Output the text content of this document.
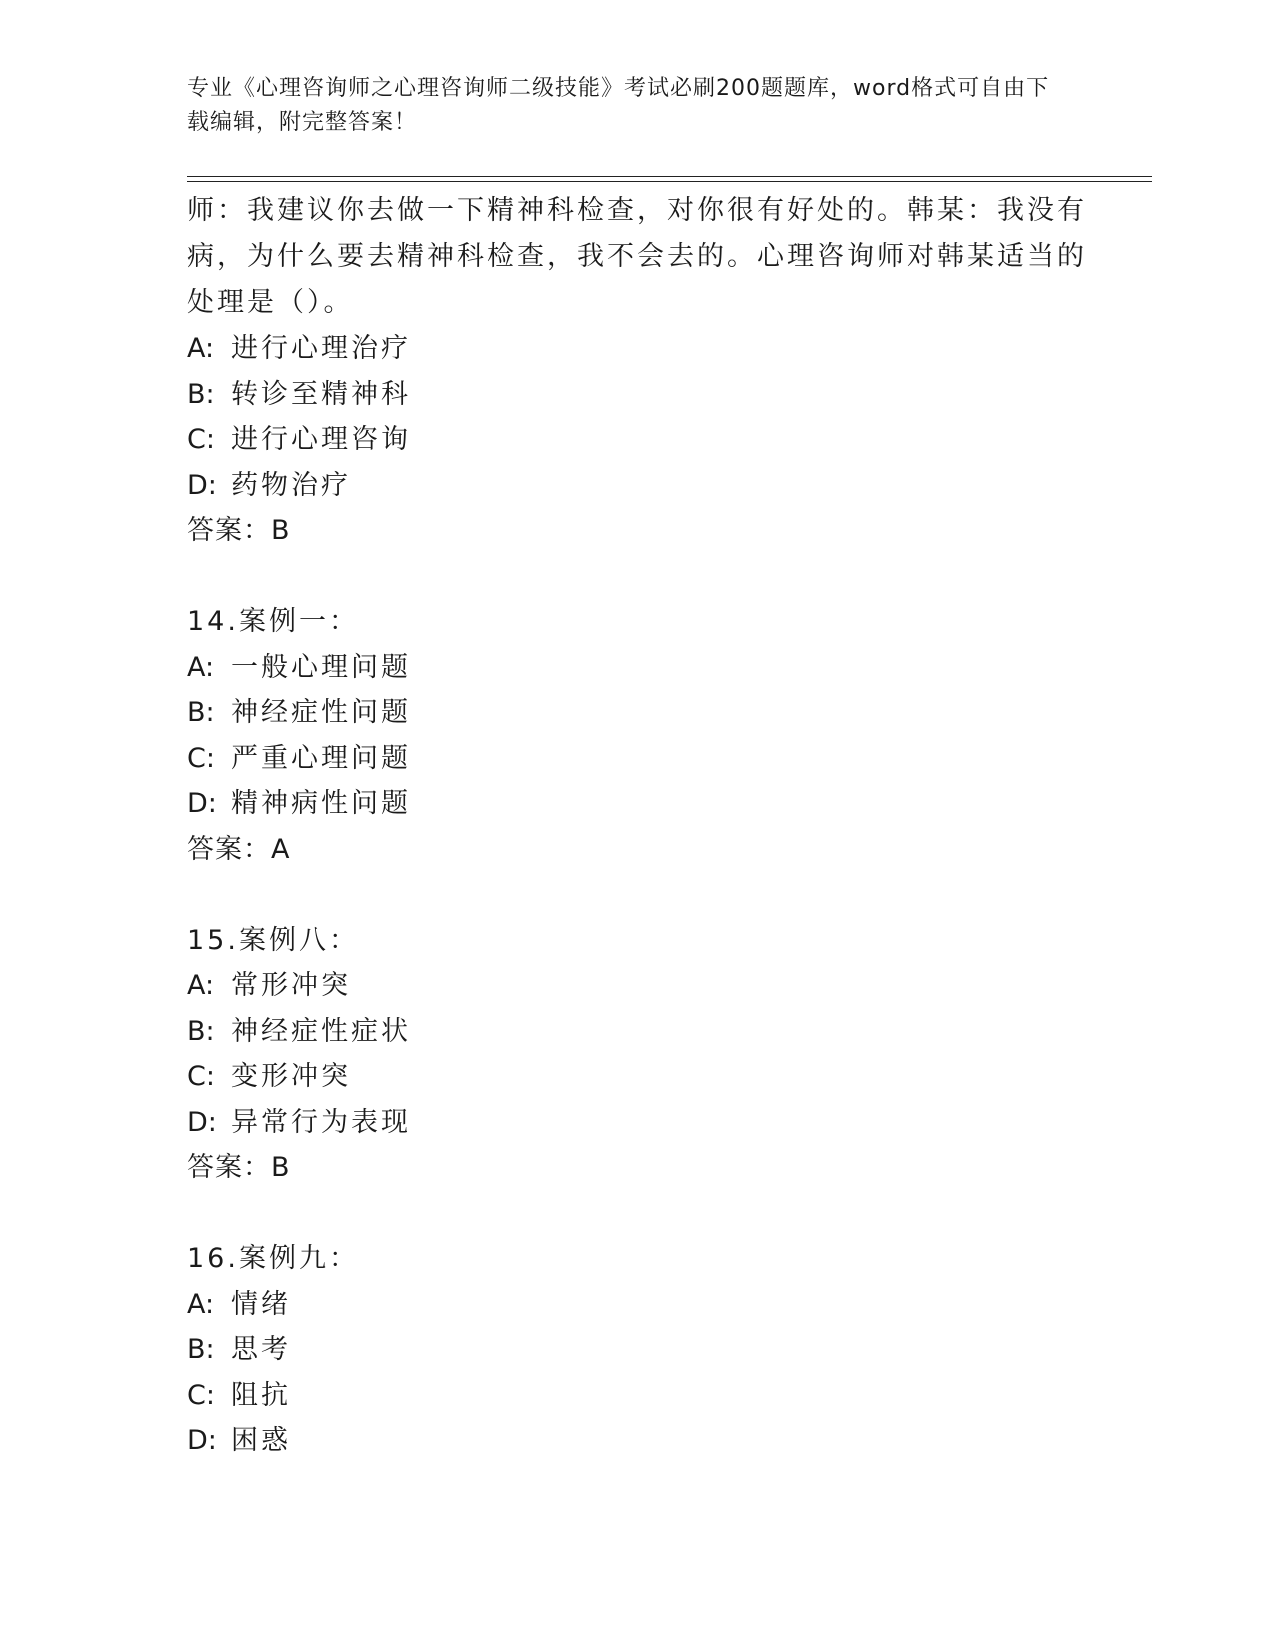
专业《心理咨询师之心理咨询师二级技能》考试必刷200题题库，word格式可自由下载编辑，附完整答案！
师：我建议你去做一下精神科检查，对你很有好处的。韩某：我没有病，为什么要去精神科检查，我不会去的。心理咨询师对韩某适当的处理是（）。
A: 进行心理治疗
B: 转诊至精神科
C: 进行心理咨询
D: 药物治疗
答案：B
14.案例一：
A: 一般心理问题
B: 神经症性问题
C: 严重心理问题
D: 精神病性问题
答案：A
15.案例八：
A: 常形冲突
B: 神经症性症状
C: 变形冲突
D: 异常行为表现
答案：B
16.案例九：
A: 情绪
B: 思考
C: 阻抗
D: 困惑
